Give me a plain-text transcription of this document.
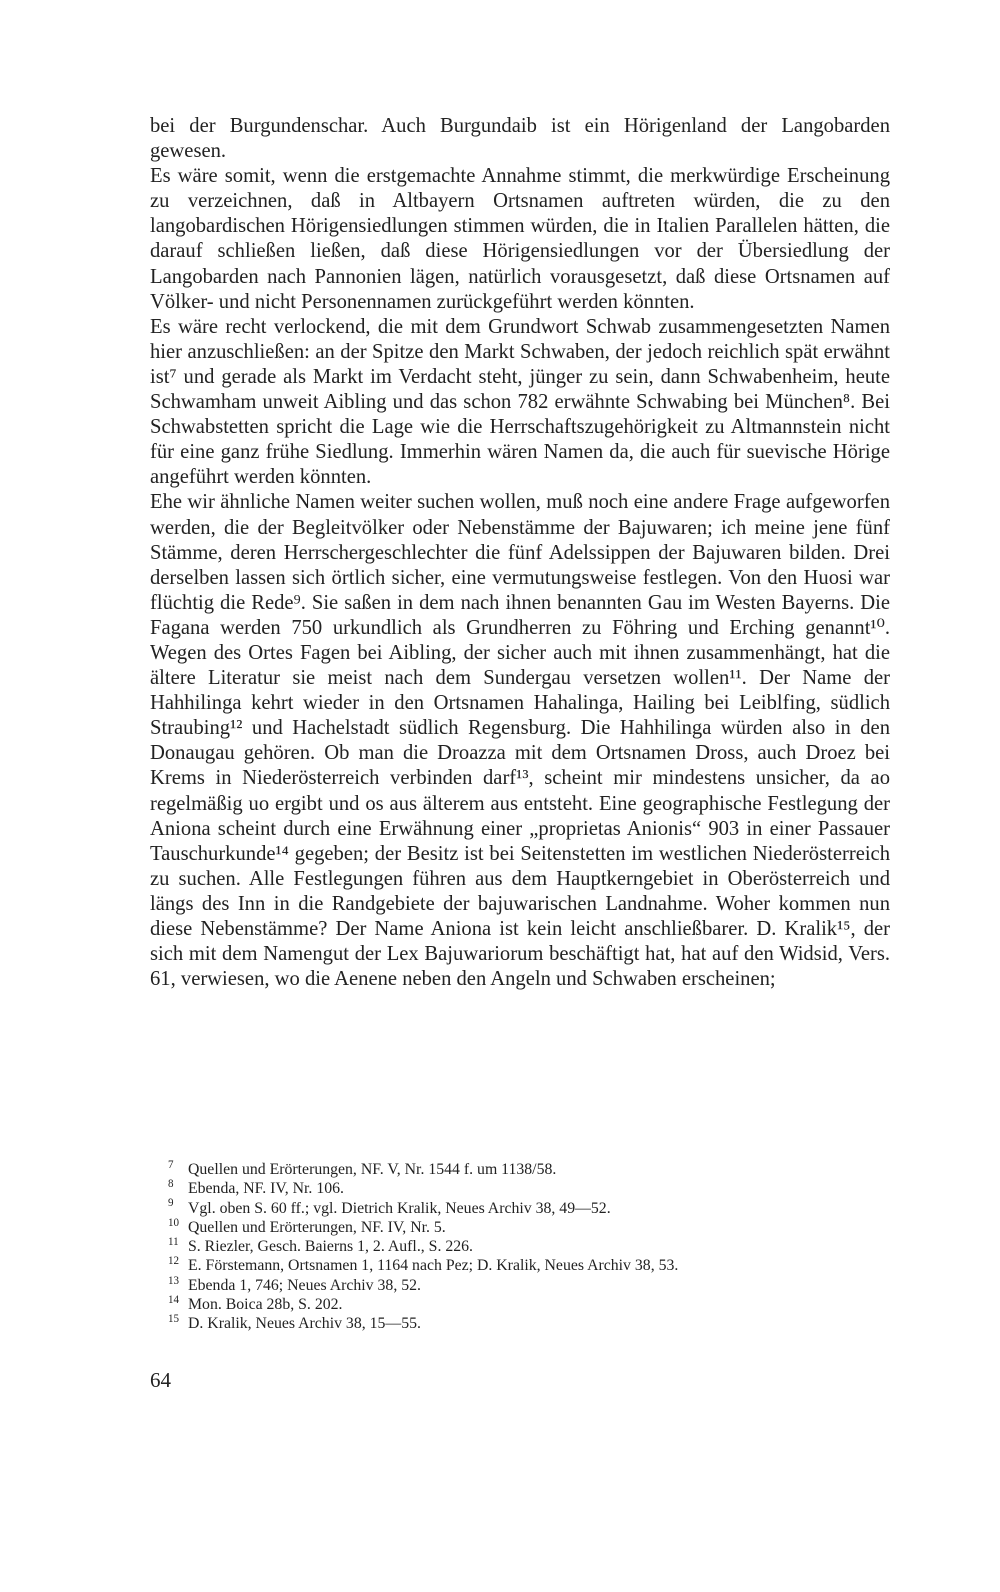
bei der Burgundenschar. Auch Burgundaib ist ein Hörigenland der Langobarden gewesen.

Es wäre somit, wenn die erstgemachte Annahme stimmt, die merkwürdige Erscheinung zu verzeichnen, daß in Altbayern Ortsnamen auftreten würden, die zu den langobardischen Hörigensiedlungen stimmen würden, die in Italien Parallelen hätten, die darauf schließen ließen, daß diese Hörigensiedlungen vor der Übersiedlung der Langobarden nach Pannonien lägen, natürlich vorausgesetzt, daß diese Ortsnamen auf Völker- und nicht Personennamen zurückgeführt werden könnten.

Es wäre recht verlockend, die mit dem Grundwort Schwab zusammengesetzten Namen hier anzuschließen: an der Spitze den Markt Schwaben, der jedoch reichlich spät erwähnt ist⁷ und gerade als Markt im Verdacht steht, jünger zu sein, dann Schwabenheim, heute Schwamham unweit Aibling und das schon 782 erwähnte Schwabing bei München⁸. Bei Schwabstetten spricht die Lage wie die Herrschaftszugehörigkeit zu Altmannstein nicht für eine ganz frühe Siedlung. Immerhin wären Namen da, die auch für suevische Hörige angeführt werden könnten.

Ehe wir ähnliche Namen weiter suchen wollen, muß noch eine andere Frage aufgeworfen werden, die der Begleitvölker oder Nebenstämme der Bajuwaren; ich meine jene fünf Stämme, deren Herrschergeschlechter die fünf Adelssippen der Bajuwaren bilden. Drei derselben lassen sich örtlich sicher, eine vermutungsweise festlegen. Von den Huosi war flüchtig die Rede⁹. Sie saßen in dem nach ihnen benannten Gau im Westen Bayerns. Die Fagana werden 750 urkundlich als Grundherren zu Föhring und Erching genannt¹⁰. Wegen des Ortes Fagen bei Aibling, der sicher auch mit ihnen zusammenhängt, hat die ältere Literatur sie meist nach dem Sundergau versetzen wollen¹¹. Der Name der Hahhilinga kehrt wieder in den Ortsnamen Hahalinga, Hailing bei Leiblfing, südlich Straubing¹² und Hachelstadt südlich Regensburg. Die Hahhilinga würden also in den Donaugau gehören. Ob man die Droazza mit dem Ortsnamen Dross, auch Droez bei Krems in Niederösterreich verbinden darf¹³, scheint mir mindestens unsicher, da ao regelmäßig uo ergibt und os aus älterem aus entsteht. Eine geographische Festlegung der Aniona scheint durch eine Erwähnung einer „proprietas Anionis“ 903 in einer Passauer Tauschurkunde¹⁴ gegeben; der Besitz ist bei Seitenstetten im westlichen Niederösterreich zu suchen. Alle Festlegungen führen aus dem Hauptkerngebiet in Oberösterreich und längs des Inn in die Randgebiete der bajuwarischen Landnahme. Woher kommen nun diese Nebenstämme? Der Name Aniona ist kein leicht anschließbarer. D. Kralik¹⁵, der sich mit dem Namengut der Lex Bajuwariorum beschäftigt hat, hat auf den Widsid, Vers. 61, verwiesen, wo die Aenene neben den Angeln und Schwaben erscheinen;

7 Quellen und Erörterungen, NF. V, Nr. 1544 f. um 1138/58.
8 Ebenda, NF. IV, Nr. 106.
9 Vgl. oben S. 60 ff.; vgl. Dietrich Kralik, Neues Archiv 38, 49—52.
10 Quellen und Erörterungen, NF. IV, Nr. 5.
11 S. Riezler, Gesch. Baierns 1, 2. Aufl., S. 226.
12 E. Förstemann, Ortsnamen 1, 1164 nach Pez; D. Kralik, Neues Archiv 38, 53.
13 Ebenda 1, 746; Neues Archiv 38, 52.
14 Mon. Boica 28b, S. 202.
15 D. Kralik, Neues Archiv 38, 15—55.
64
